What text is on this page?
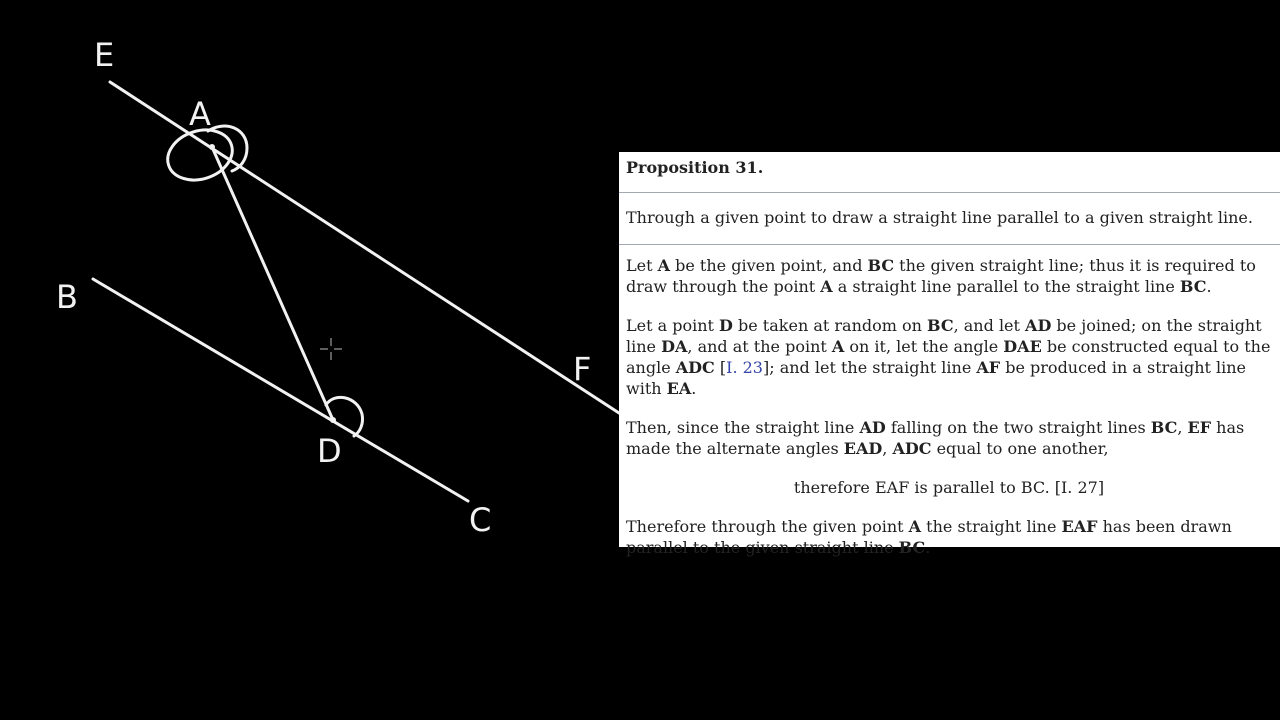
E
A
B
F
D
C
Proposition 31.
Through a given point to draw a straight line parallel to a given straight line.

Let A be the given point, and BC the given straight line; thus it is required to draw through the point A a straight line parallel to the straight line BC.

Let a point D be taken at random on BC, and let AD be joined; on the straight line DA, and at the point A on it, let the angle DAE be constructed equal to the angle ADC [I. 23]; and let the straight line AF be produced in a straight line with EA.

Then, since the straight line AD falling on the two straight lines BC, EF has made the alternate angles EAD, ADC equal to one another,

therefore EAF is parallel to BC. [I. 27]

Therefore through the given point A the straight line EAF has been drawn parallel to the given straight line BC.
